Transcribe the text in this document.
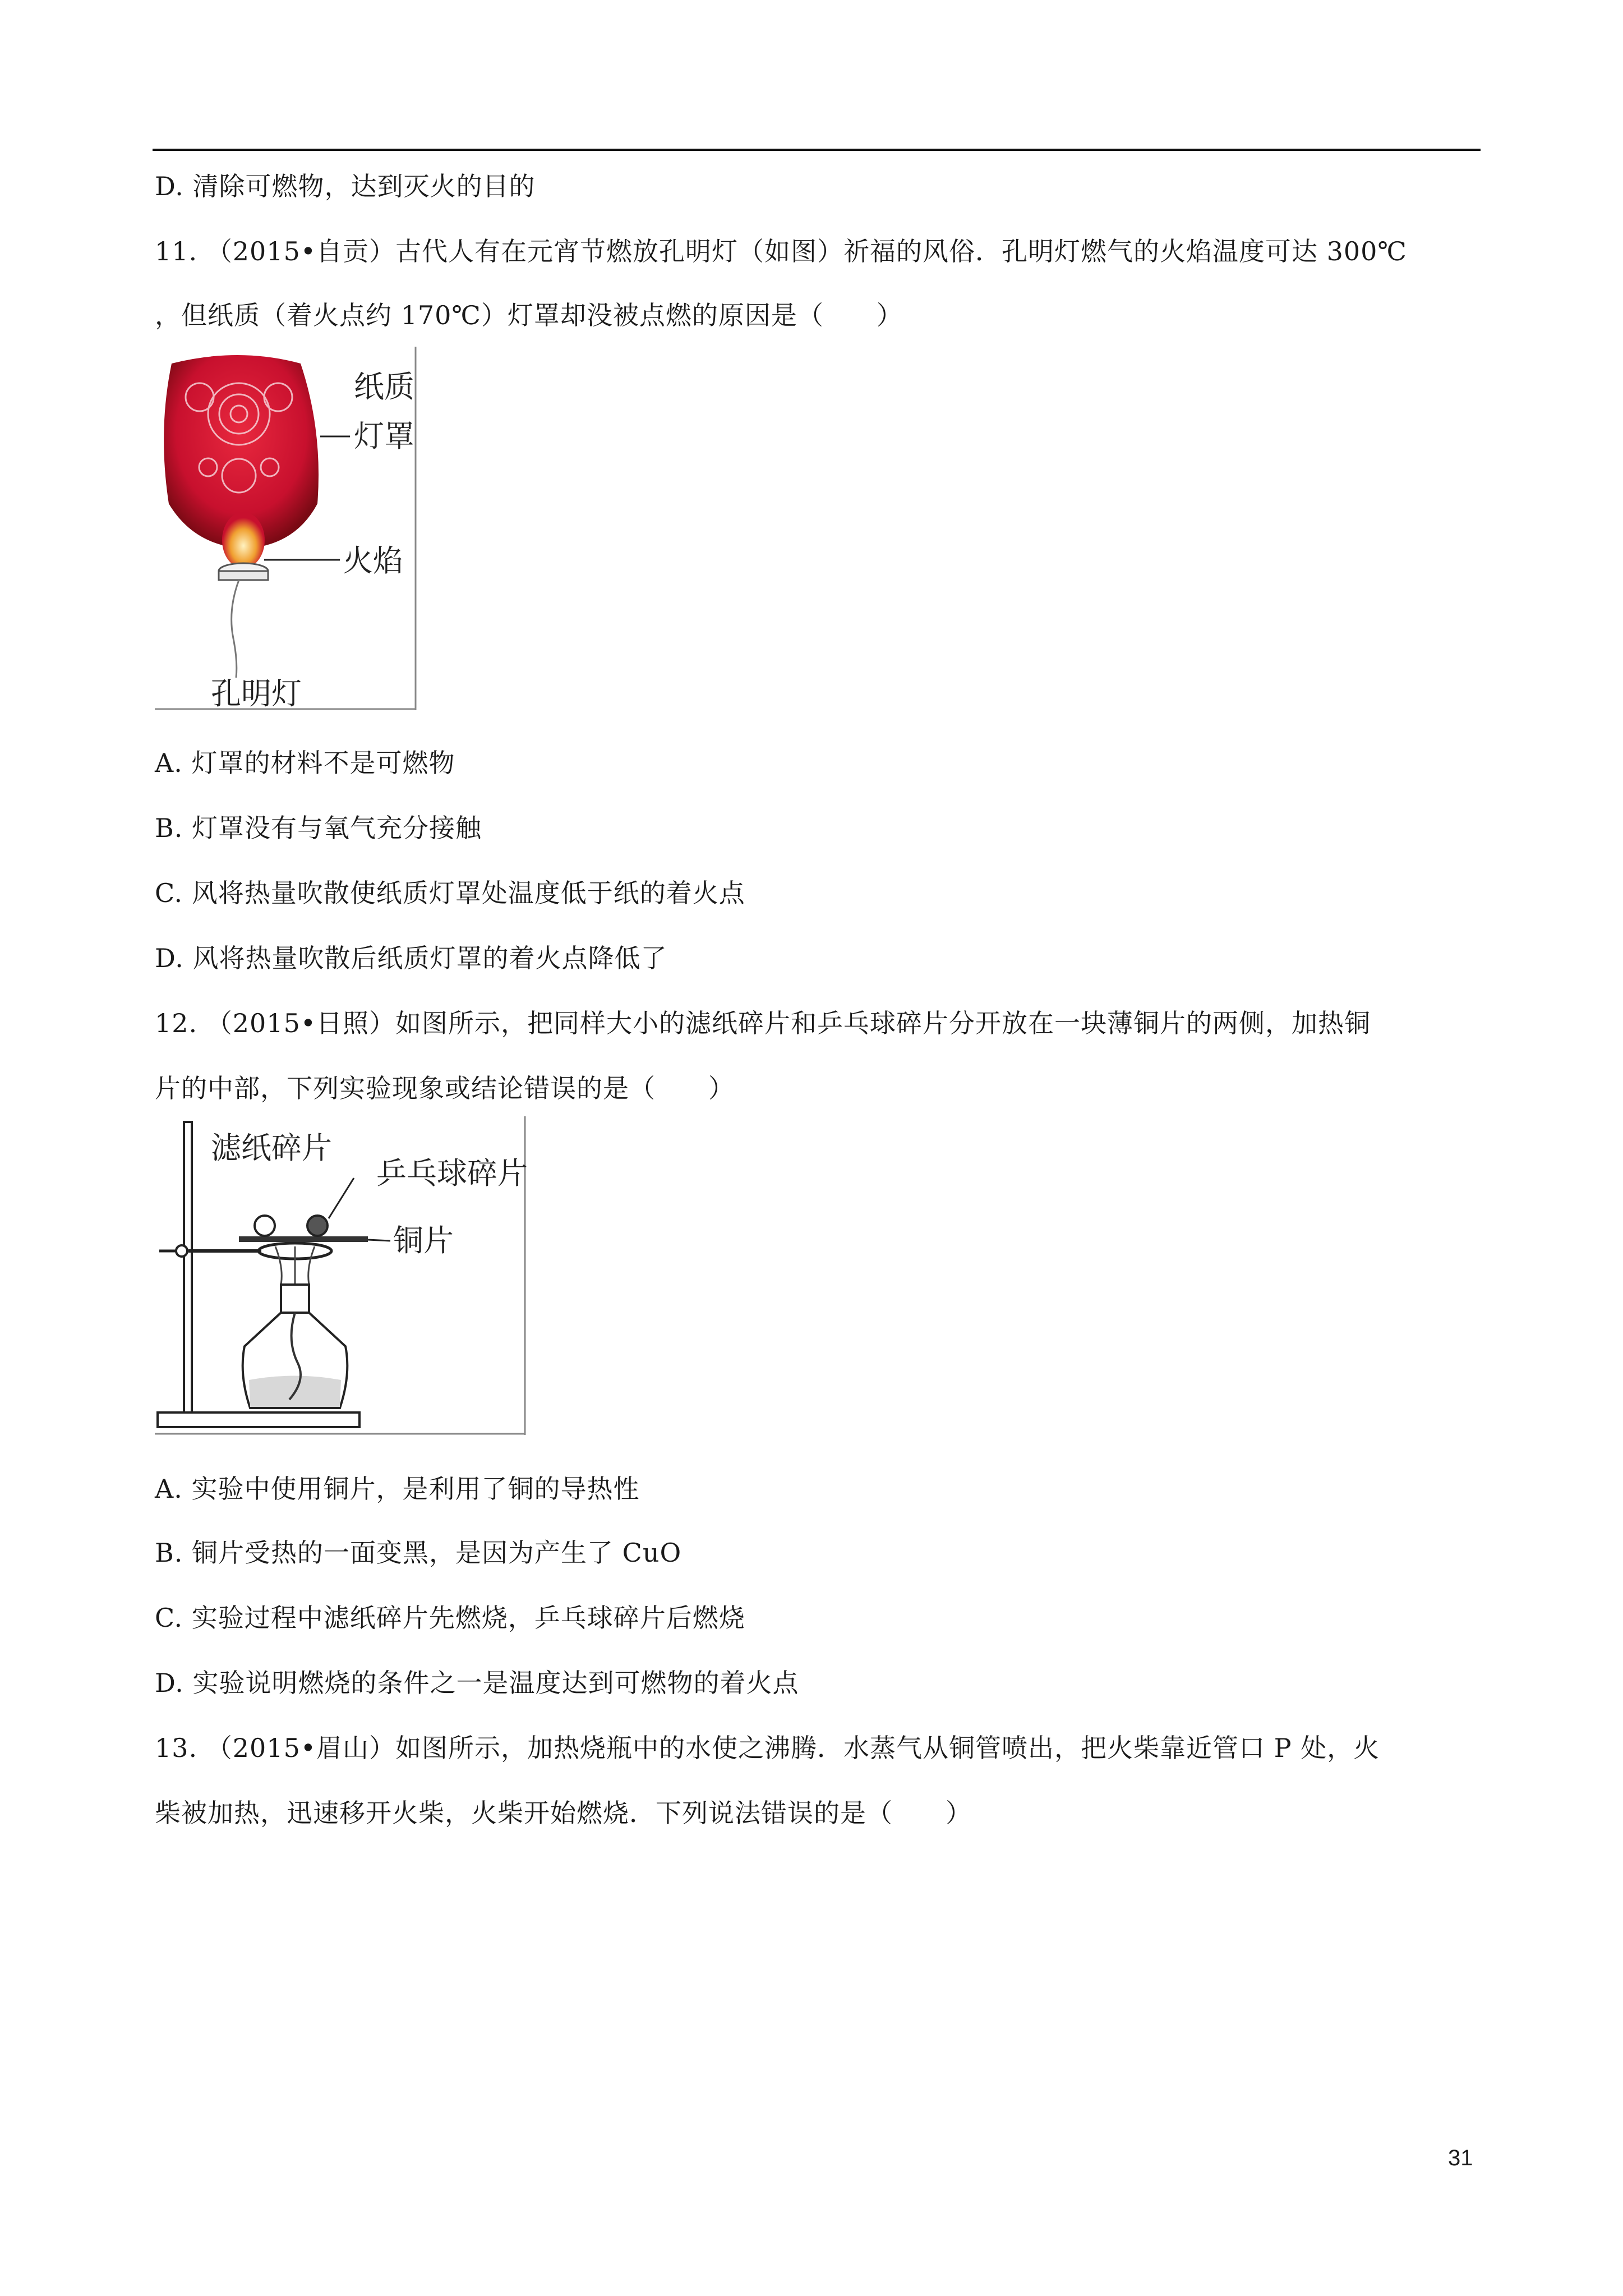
D. 清除可燃物，达到灭火的目的
11. （2015•自贡）古代人有在元宵节燃放孔明灯（如图）祈福的风俗．孔明灯燃气的火焰温度可达 300℃
，但纸质（着火点约 170℃）灯罩却没被点燃的原因是（　　）
纸质
灯罩
火焰
孔明灯
A. 灯罩的材料不是可燃物
B. 灯罩没有与氧气充分接触
C. 风将热量吹散使纸质灯罩处温度低于纸的着火点
D. 风将热量吹散后纸质灯罩的着火点降低了
12. （2015•日照）如图所示，把同样大小的滤纸碎片和乒乓球碎片分开放在一块薄铜片的两侧，加热铜
片的中部，下列实验现象或结论错误的是（　　）
滤纸碎片
乒乓球碎片
铜片
A. 实验中使用铜片，是利用了铜的导热性
B. 铜片受热的一面变黑，是因为产生了 CuO
C. 实验过程中滤纸碎片先燃烧，乒乓球碎片后燃烧
D. 实验说明燃烧的条件之一是温度达到可燃物的着火点
13. （2015•眉山）如图所示，加热烧瓶中的水使之沸腾．水蒸气从铜管喷出，把火柴靠近管口 P 处，火
柴被加热，迅速移开火柴，火柴开始燃烧．下列说法错误的是（　　）
31
